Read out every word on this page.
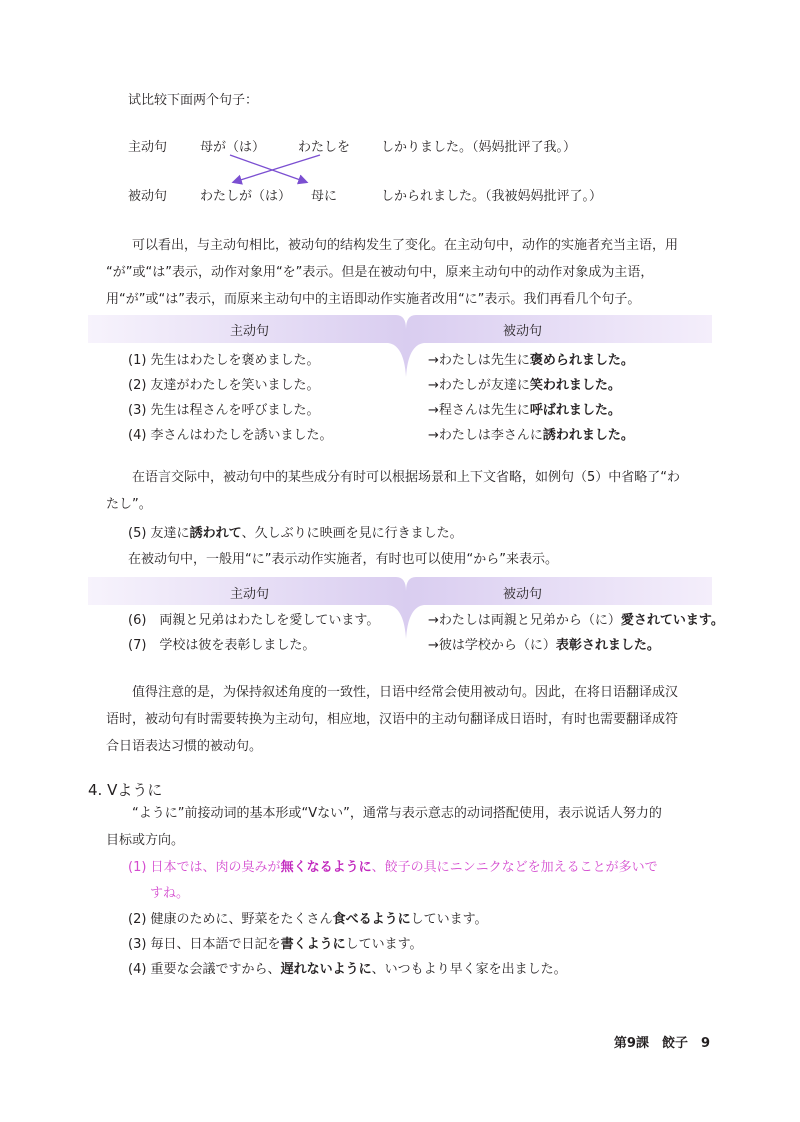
试比较下面两个句子：
主动句	母が（は）	わたしを しかりました。（妈妈批评了我。）
被动句	わたしが（は） 母に	しかられました。（我被妈妈批评了。）
可以看出，与主动句相比，被动句的结构发生了变化。在主动句中，动作的实施者充当主语，用
“が”或“は”表示，动作对象用“を”表示。但是在被动句中，原来主动句中的动作对象成为主语，
用“が”或“は”表示，而原来主动句中的主语即动作实施者改用“に”表示。我们再看几个句子。
主动句	被动句
(1) 先生はわたしを褒めました。	→わたしは先生に褒められました。
(2) 友達がわたしを笑いました。	→わたしが友達に笑われました。
(3) 先生は程さんを呼びました。	→程さんは先生に呼ばれました。
(4) 李さんはわたしを誘いました。	→わたしは李さんに誘われました。
在语言交际中，被动句中的某些成分有时可以根据场景和上下文省略，如例句（5）中省略了“わ
たし”。
(5) 友達に誘われて、久しぶりに映画を見に行きました。
在被动句中，一般用“に”表示动作实施者，有时也可以使用“から”来表示。
主动句	被动句
(6)　両親と兄弟はわたしを愛しています。	→わたしは両親と兄弟から（に）愛されています。
(7)　学校は彼を表彰しました。	→彼は学校から（に）表彰されました。
值得注意的是，为保持叙述角度的一致性，日语中经常会使用被动句。因此，在将日语翻译成汉
语时，被动句有时需要转换为主动句，相应地，汉语中的主动句翻译成日语时，有时也需要翻译成符
合日语表达习惯的被动句。
4. Vように
“ように”前接动词的基本形或“Vない”，通常与表示意志的动词搭配使用，表示说话人努力的
目标或方向。
(1) 日本では、肉の臭みが無くなるように、餃子の具にニンニクなどを加えることが多いで
すね。
(2) 健康のために、野菜をたくさん食べるようにしています。
(3) 毎日、日本語で日記を書くようにしています。
(4) 重要な会議ですから、遅れないように、いつもより早く家を出ました。
第9課　餃子　9
